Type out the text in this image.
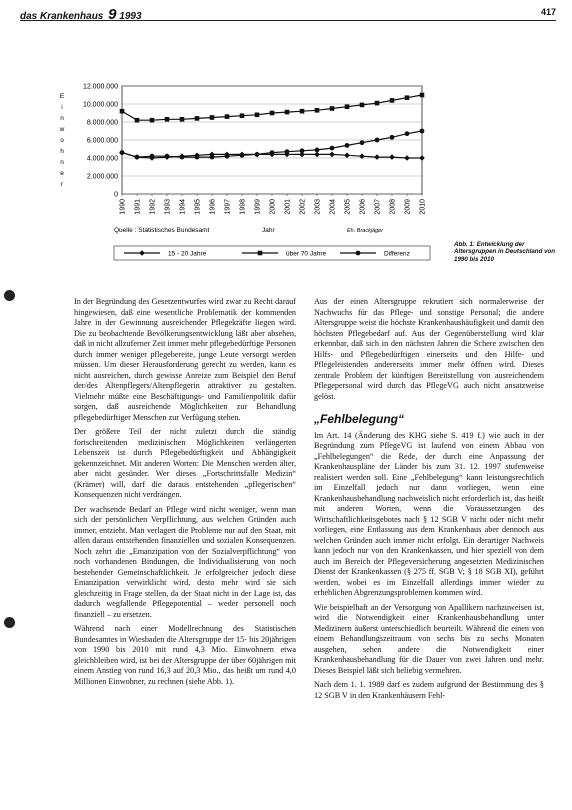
das Krankenhaus 9 1993	417
0
2.000.000
4.000.000
6.000.000
8.000.000
10.000.000
12.000.000
E
i
n
w
o
h
n
e
r
1990 1991 1992 1993 1994 1995 1996 1997 1998 1999 2000 2001 2002 2003 2004 2005 2006 2007 2008 2009 2010
Quelle : Statistisches Bundesamt	Jahr	Eh. Brackjäger
15 - 20 Jahre	über 70 Jahre	Differenz
Abb. 1: Entwicklung der Altersgruppen in Deutschland von 1990 bis 2010

In der Begründung des Gesetzentwurfes wird zwar zu Recht darauf hingewiesen, daß eine wesentliche Problematik der kommenden Jahre in der Gewinnung ausreichender Pflegekräfte liegen wird. Die zu beobachtende Bevölkerungsentwicklung läßt aber absehen, daß in nicht allzuferner Zeit immer mehr pflegebedürftige Personen durch immer weniger pflegebereite, junge Leute versorgt werden müssen. Um dieser Herausforderung gerecht zu werden, kann es nicht ausreichen, durch gewisse Anreize zum Beispiel den Beruf der/des Altenpflegers/Altenpflegerin attraktiver zu gestalten. Vielmehr müßte eine Beschäftigungs- und Familienpolitik dafür sorgen, daß ausreichende Möglichkeiten zur Behandlung pflegebedürftiger Menschen zur Verfügung stehen.

Der größere Teil der nicht zuletzt durch die ständig fortschreitenden medizinischen Möglichkeiten verlängerten Lebenszeit ist durch Pflegebedürftigkeit und Abhängigkeit gekennzeichnet. Mit anderen Worten: Die Menschen werden älter, aber nicht gesünder. Wer dieses „Fortschrittsfalle Medizin“ (Krämer) will, darf die daraus entstehenden „pflegerischen“ Konsequenzen nicht verdrängen.

Der wachsende Bedarf an Pflege wird nicht weniger, wenn man sich der persönlichen Verpflichtung, aus welchen Gründen auch immer, entzieht. Man verlagert die Probleme nur auf den Staat, mit allen daraus entstehenden finanziellen und sozialen Konsequenzen. Noch zehrt die „Emanzipation von der Sozialverpflichtung“ von noch vorhandenen Bindungen, die Individualisierung von noch bestehender Gemeinschaftlichkeit. Je erfolgreicher jedoch diese Emanzipation verwirklicht wird, desto mehr wird sie sich gleichzeitig in Frage stellen, da der Staat nicht in der Lage ist, das dadurch wegfallende Pflegepotential – weder personell noch finanziell – zu ersetzen.

Während nach einer Modellrechnung des Statistischen Bundesamtes in Wiesbaden die Altersgruppe der 15- bis 20jährigen von 1990 bis 2010 mit rund 4,3 Mio. Einwohnern etwa gleichbleiben wird, ist bei der Altersgruppe der über 60jährigen mit einem Anstieg von rund 16,3 auf 20,3 Mio., das heißt um rund 4,0 Millionen Einwohner, zu rechnen (siehe Abb. 1).

Aus der einen Altersgruppe rekrutiert sich normalerweise der Nachwuchs für das Pflege- und sonstige Personal; die andere Altersgruppe weist die höchste Krankenhaushäufigkeit und damit den höchsten Pflegebedarf auf. Aus der Gegenüberstellung wird klar erkennbar, daß sich in den nächsten Jahren die Schere zwischen den Hilfs- und Pflegebedürftigen einerseits und den Hilfe- und Pflegeleistenden andererseits immer mehr öffnen wird. Dieses zentrale Problem der künftigen Bereitstellung von ausreichendem Pflegepersonal wird durch das PflegeVG auch nicht ansatzweise gelöst.

„Fehlbelegung“

Im Art. 14 (Änderung des KHG siehe S. 419 f.) wie auch in der Begründung zum PflegeVG ist laufend von einem Abbau von „Fehlbelegungen“ die Rede, der durch eine Anpassung der Krankenhauspläne der Länder bis zum 31. 12. 1997 stufenweise realisiert werden soll. Eine „Fehlbelegung“ kann leistungsrechtlich im Einzelfall jedoch nur dann vorliegen, wenn eine Krankenhausbehandlung nachweislich nicht erforderlich ist, das heißt mit anderen Worten, wenn die Voraussetzungen des Wirtschaftlichkeitsgebotes nach § 12 SGB V nicht oder nicht mehr vorliegen, eine Entlassung aus dem Krankenhaus aber dennoch aus welchen Gründen auch immer nicht erfolgt. Ein derartiger Nachweis kann jedoch nur von den Krankenkassen, und hier speziell von dem auch im Bereich der Pflegeversicherung angesetzten Medizinischen Dienst der Krankenkassen (§ 275 ff. SGB V; § 18 SGB XI), geführt werden, wobei es im Einzelfall allerdings immer wieder zu erheblichen Abgrenzungsproblemen kommen wird.

Wie beispielhaft an der Versorgung von Apallikern nachzuweisen ist, wird die Notwendigkeit einer Krankenhausbehandlung unter Medizinern äußerst unterschiedlich beurteilt. Während die einen von einem Behandlungszeitraum von sechs bis zu sechs Monaten ausgehen, sehen andere die Notwendigkeit einer Krankenhausbehandlung für die Dauer von zwei Jahren und mehr. Dieses Beispiel läßt sich beliebig vermehren.

Nach dem 1. 1. 1989 darf es zudem aufgrund der Bestimmung des § 12 SGB V in den Krankenhäusern Fehl-
